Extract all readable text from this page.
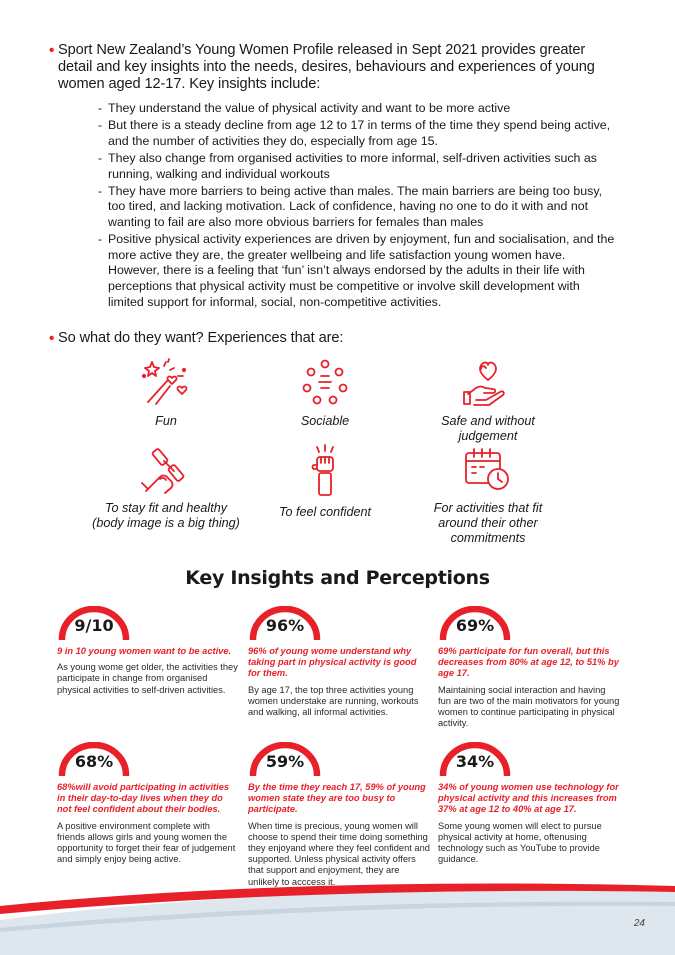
• Sport New Zealand’s Young Women Profile released in Sept 2021 provides greater detail and key insights into the needs, desires, behaviours and experiences of young women aged 12-17. Key insights include:
- They understand the value of physical activity and want to be more active
- But there is a steady decline from age 12 to 17 in terms of the time they spend being active, and the number of activities they do, especially from age 15.
- They also change from organised activities to more informal, self-driven activities such as running, walking and individual workouts
- They have more barriers to being active than males. The main barriers are being too busy, too tired, and lacking motivation. Lack of confidence, having no one to do it with and not wanting to fail are also more obvious barriers for females than males
- Positive physical activity experiences are driven by enjoyment, fun and socialisation, and the more active they are, the greater wellbeing and life satisfaction young women have. However, there is a feeling that ‘fun’ isn’t always endorsed by the adults in their life with perceptions that physical activity must be competitive or involve skill development with limited support for informal, social, non-competitive activities.
• So what do they want? Experiences that are:
Fun	Sociable	Safe and without judgement
To stay fit and healthy (body image is a big thing)
To feel confident	For activities that fit around their other commitments
Key Insights and Perceptions
9/10
9 in 10 young women want to be active.
As young wome get older, the activities they participate in change from organised physical activities to self-driven activities.
96%
96% of young wome understand why taking part in physical activity is good for them.
By age 17, the top three activities young women understake are running, workouts and walking, all informal activities.
69%
69% participate for fun overall, but this decreases from 80% at age 12, to 51% by age 17.
Maintaining social interaction and having fun are two of the main motivators for young women to continue participating in physical activity.
68%
68%will avoid participating in activities in their day-to-day lives when they do not feel confident about their bodies.
A positive environment complete with friends allows girls and young women the opportunity to forget their fear of judgement and simply enjoy being active.
59%
By the time they reach 17, 59% of young women state they are too busy to participate.
When time is precious, young women will choose to spend their time doing something they enjoyand where they feel confident and supported. Unless physical activity offers that support and enjoyment, they are unlikely to acccess it.
34%
34% of young women use technology for physical activity and this increases from 37% at age 12 to 40% at age 17.
Some young women will elect to pursue physical activity at home, oftenusing technology such as YouTube to provide guidance.
24
